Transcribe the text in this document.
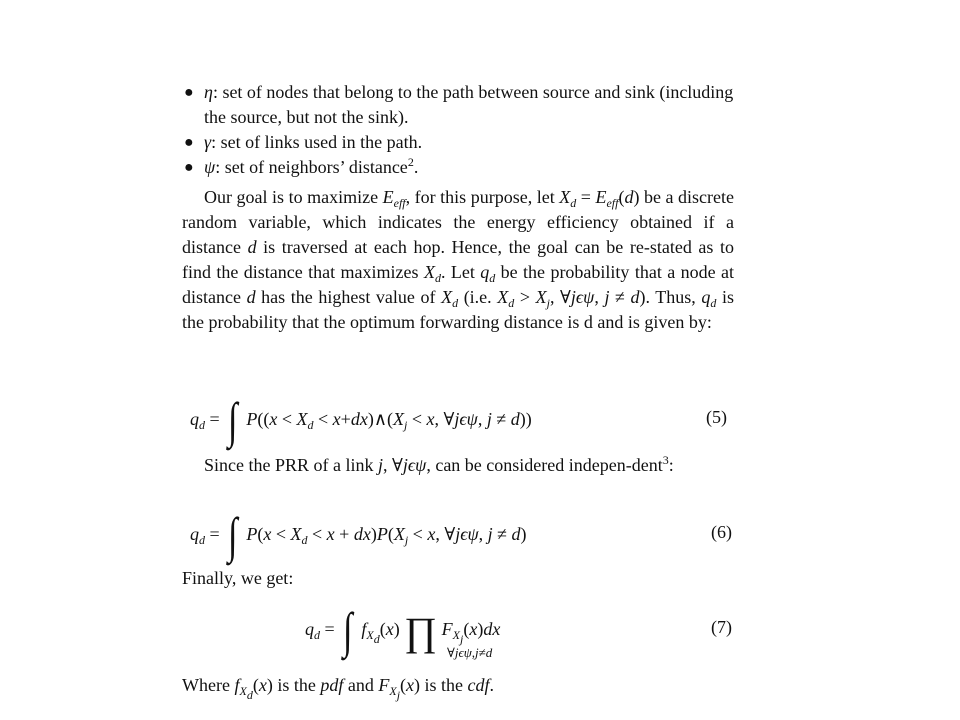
● η: set of nodes that belong to the path between source and sink (including the source, but not the sink).
● γ: set of links used in the path.
● ψ: set of neighbors’ distance$^2$.
Our goal is to maximize $E_{eff}$, for this purpose, let $X_d = E_{eff}(d)$ be a discrete random variable, which indicates the energy efficiency obtained if a distance d is traversed at each hop. Hence, the goal can be re-stated as to find the distance that maximizes $X_d$. Let $q_d$ be the probability that a node at distance d has the highest value of $X_d$ (i.e. $X_d > X_j$, ∀jϵψ, j ≠ d). Thus, $q_d$ is the probability that the optimum forwarding distance is d and is given by:
$q_d$ = ∫ $P((x < X_d$ < $x+dx)\wedge(X_j < x$, ∀jϵψ, j ≠ d))	(5)
Since the PRR of a link j, ∀jϵψ, can be considered indepen-dent$^3$:
$q_d$ = ∫ $P(x < X_d < x + dx)P(X_j < x$, ∀jϵψ, j ≠ d)	(6)
Finally, we get:
$q_d$ = ∫ $f_{X_d}(x)$ ∏ $F_{X_j}(x)dx$
∀jϵψ,j≠d
(7)
Where $f_{X_d}(x)$ is the pdf and $F_{X_j}(x)$ is the cdf.
